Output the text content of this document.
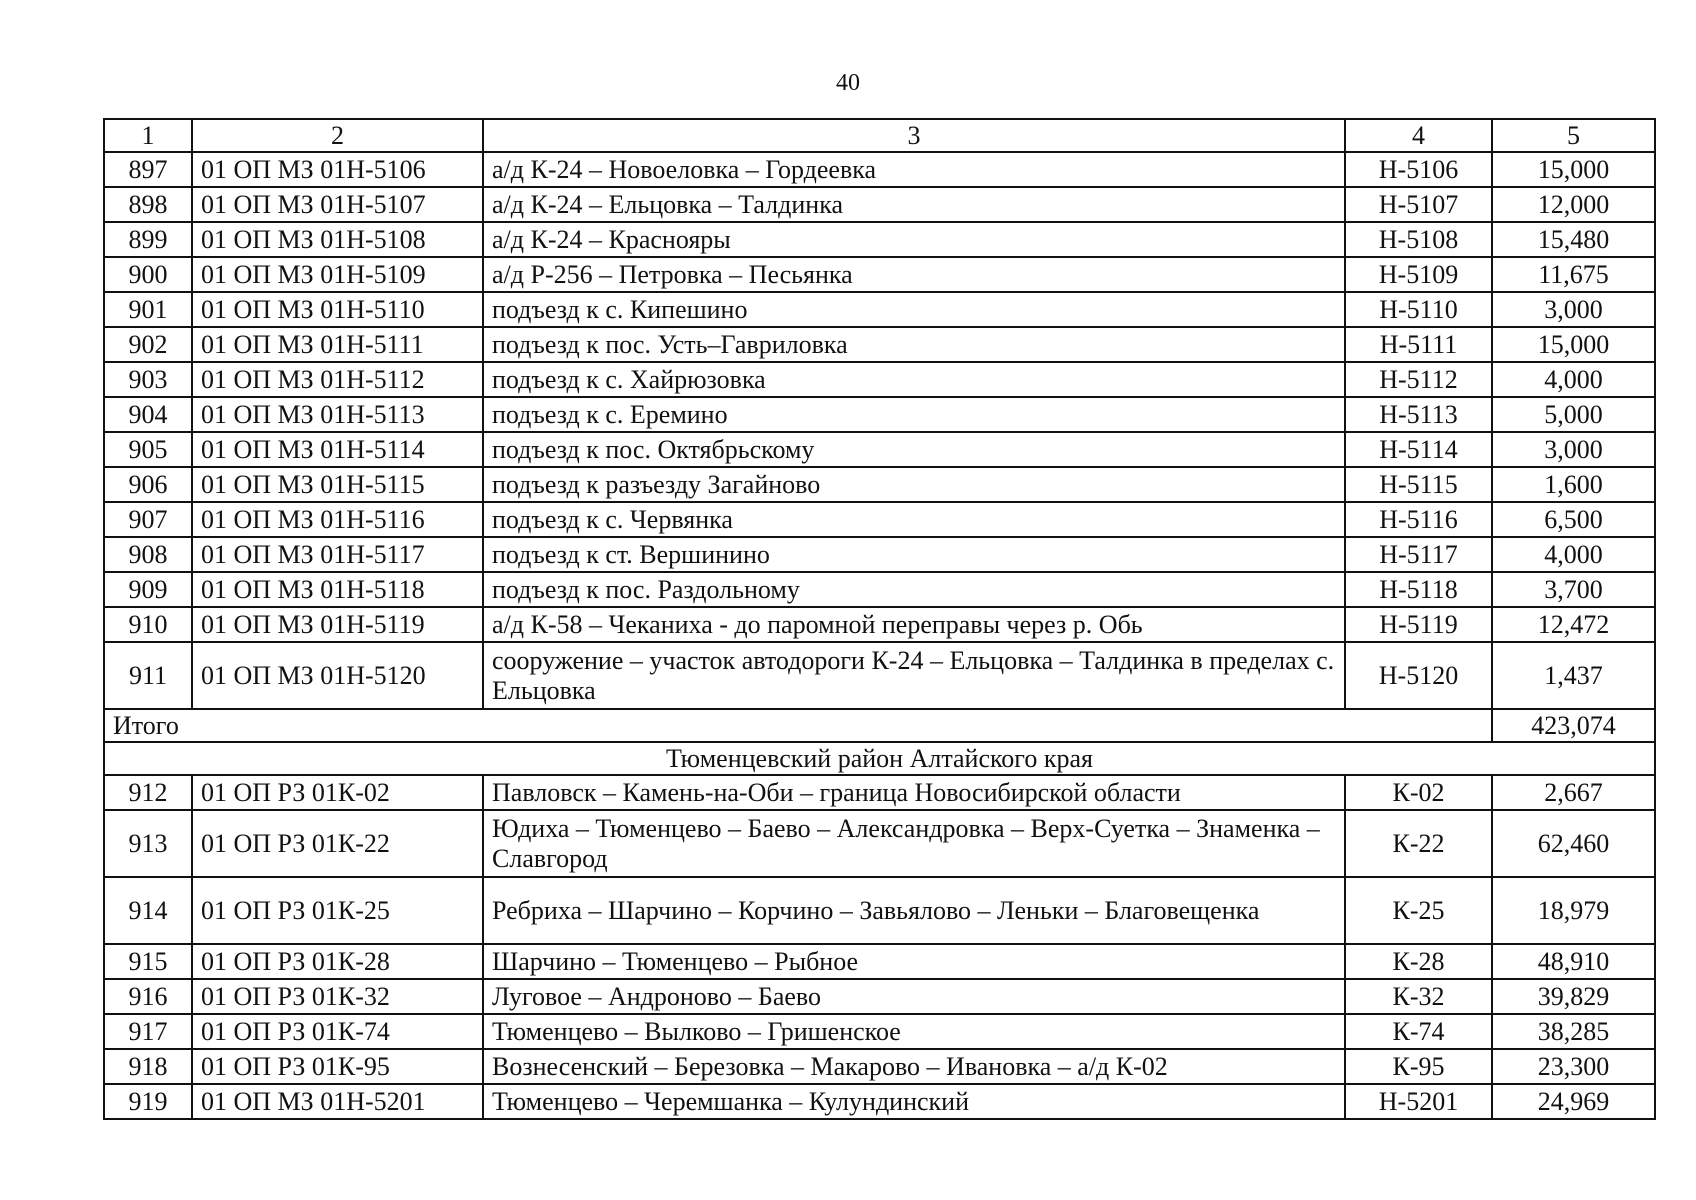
40
1	2	3	4	5
897	01 ОП МЗ 01Н-5106	а/д К-24 – Новоеловка – Гордеевка	Н-5106	15,000
898	01 ОП МЗ 01Н-5107	а/д К-24 – Ельцовка – Талдинка	Н-5107	12,000
899	01 ОП МЗ 01Н-5108	а/д К-24 – Краснояры	Н-5108	15,480
900	01 ОП МЗ 01Н-5109	а/д Р-256 – Петровка – Песьянка	Н-5109	11,675
901	01 ОП МЗ 01Н-5110	подъезд к с. Кипешино	Н-5110	3,000
902	01 ОП МЗ 01Н-5111	подъезд к пос. Усть–Гавриловка	Н-5111	15,000
903	01 ОП МЗ 01Н-5112	подъезд к с. Хайрюзовка	Н-5112	4,000
904	01 ОП МЗ 01Н-5113	подъезд к с. Еремино	Н-5113	5,000
905	01 ОП МЗ 01Н-5114	подъезд к пос. Октябрьскому	Н-5114	3,000
906	01 ОП МЗ 01Н-5115	подъезд к разъезду Загайново	Н-5115	1,600
907	01 ОП МЗ 01Н-5116	подъезд к с. Червянка	Н-5116	6,500
908	01 ОП МЗ 01Н-5117	подъезд к ст. Вершинино	Н-5117	4,000
909	01 ОП МЗ 01Н-5118	подъезд к пос. Раздольному	Н-5118	3,700
910	01 ОП МЗ 01Н-5119	а/д К-58 – Чеканиха - до паромной переправы через р. Обь	Н-5119	12,472
911	01 ОП МЗ 01Н-5120	сооружение – участок автодороги К-24 – Ельцовка – Талдинка в пределах с. Ельцовка	Н-5120	1,437
Итого				423,074
Тюменцевский район Алтайского края				
912	01 ОП РЗ 01К-02	Павловск – Камень-на-Оби – граница Новосибирской области	К-02	2,667
913	01 ОП РЗ 01К-22	Юдиха – Тюменцево – Баево – Александровка – Верх-Суетка – Знаменка – Славгород	К-22	62,460
914	01 ОП РЗ 01К-25	Ребриха – Шарчино – Корчино – Завьялово – Леньки – Благовещенка	К-25	18,979
915	01 ОП РЗ 01К-28	Шарчино – Тюменцево – Рыбное	К-28	48,910
916	01 ОП РЗ 01К-32	Луговое – Андроново – Баево	К-32	39,829
917	01 ОП РЗ 01К-74	Тюменцево – Вылково – Гришенское	К-74	38,285
918	01 ОП РЗ 01К-95	Вознесенский – Березовка – Макарово – Ивановка – а/д К-02	К-95	23,300
919	01 ОП МЗ 01Н-5201	Тюменцево – Черемшанка – Кулундинский	Н-5201	24,969
